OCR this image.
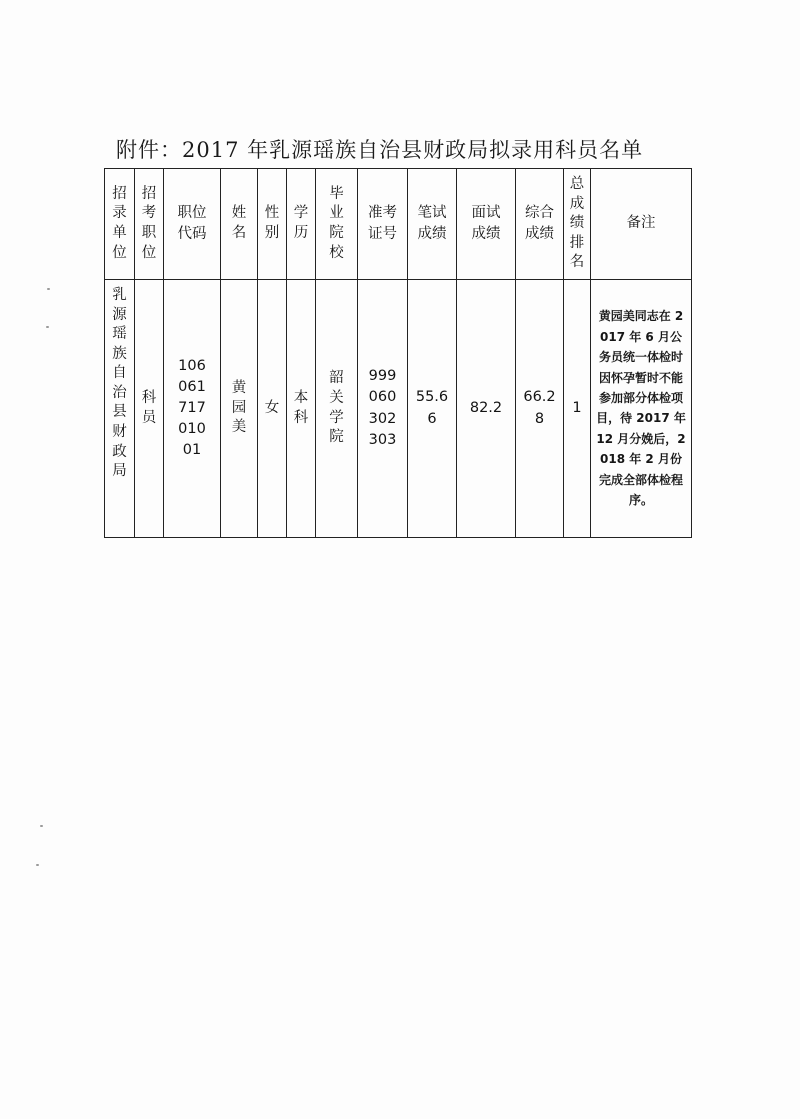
附件：2017 年乳源瑶族自治县财政局拟录用科员名单
招录单位	招考职位	职位代码	姓名	性别	学历	毕业院校	准考证号	笔试成绩	面试成绩	综合成绩	总成绩排名	备注
乳源瑶族自治县财政局	科员	10606171701001	黄园美	女	本科	韶关学院	999060302303	55.66	82.2	66.28	1	黄园美同志在 2017 年 6 月公务员统一体检时因怀孕暂时不能参加部分体检项目，待 2017 年 12 月分娩后，2018 年 2 月份完成全部体检程序。
